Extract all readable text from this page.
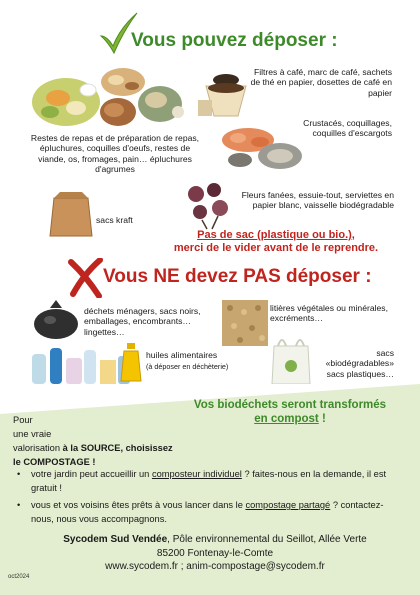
Vous pouvez déposer :
Filtres à café, marc de café, sachets de thé en papier, dosettes de café en papier
Restes de repas et de préparation de repas, épluchures, coquilles d'oeufs, restes de viande, os, fromages, pain… épluchures d'agrumes
Crustacés, coquillages, coquilles d'escargots
sacs kraft
Fleurs fanées, essuie-tout, serviettes en papier blanc, vaisselle biodégradable
Pas de sac (plastique ou bio.),
merci de le vider avant de le reprendre.
Vous NE devez PAS déposer :
déchets ménagers, sacs noirs, emballages, encombrants… lingettes…
litières végétales ou minérales, excréments…
huiles alimentaires
(à déposer en déchèterie)
sacs «biodégradables» sacs plastiques…
Vos biodéchets seront transformés
en compost !
Pour
une vraie
valorisation à la SOURCE, choisissez
le COMPOSTAGE !
•	votre jardin peut accueillir un composteur individuel ? faites-nous en la demande, il est gratuit !
•	vous et vos voisins êtes prêts à vous lancer dans le compostage partagé ? contactez-nous, nous vous accompagnons.
Sycodem Sud Vendée, Pôle environnemental du Seillot, Allée Verte
85200 Fontenay-le-Comte
www.sycodem.fr ; anim-compostage@sycodem.fr
oct2024
